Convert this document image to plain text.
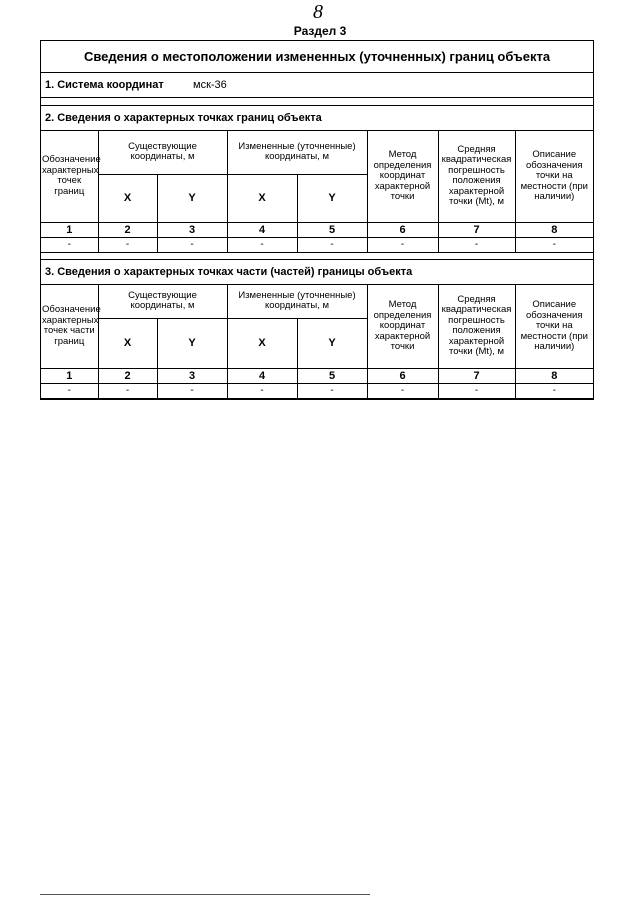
8
Раздел 3
Сведения о местоположении измененных (уточненных) границ объекта
1. Система координат	мск-36
2. Сведения о характерных точках границ объекта
Обозначение характерных точек границ	Существующие координаты, м		Измененные (уточненные) координаты, м		Метод определения координат характерной точки	Средняя квадратическая погрешность положения характерной точки (Mt), м	Описание обозначения точки на местности (при наличии)
	X	Y	X	Y			
1	2	3	4	5	6	7	8
-	-	-	-	-	-	-	-
3. Сведения о характерных точках части (частей) границы объекта
Обозначение характерных точек части границ	Существующие координаты, м		Измененные (уточненные) координаты, м		Метод определения координат характерной точки	Средняя квадратическая погрешность положения характерной точки (Mt), м	Описание обозначения точки на местности (при наличии)
	X	Y	X	Y			
1	2	3	4	5	6	7	8
-	-	-	-	-	-	-	-
